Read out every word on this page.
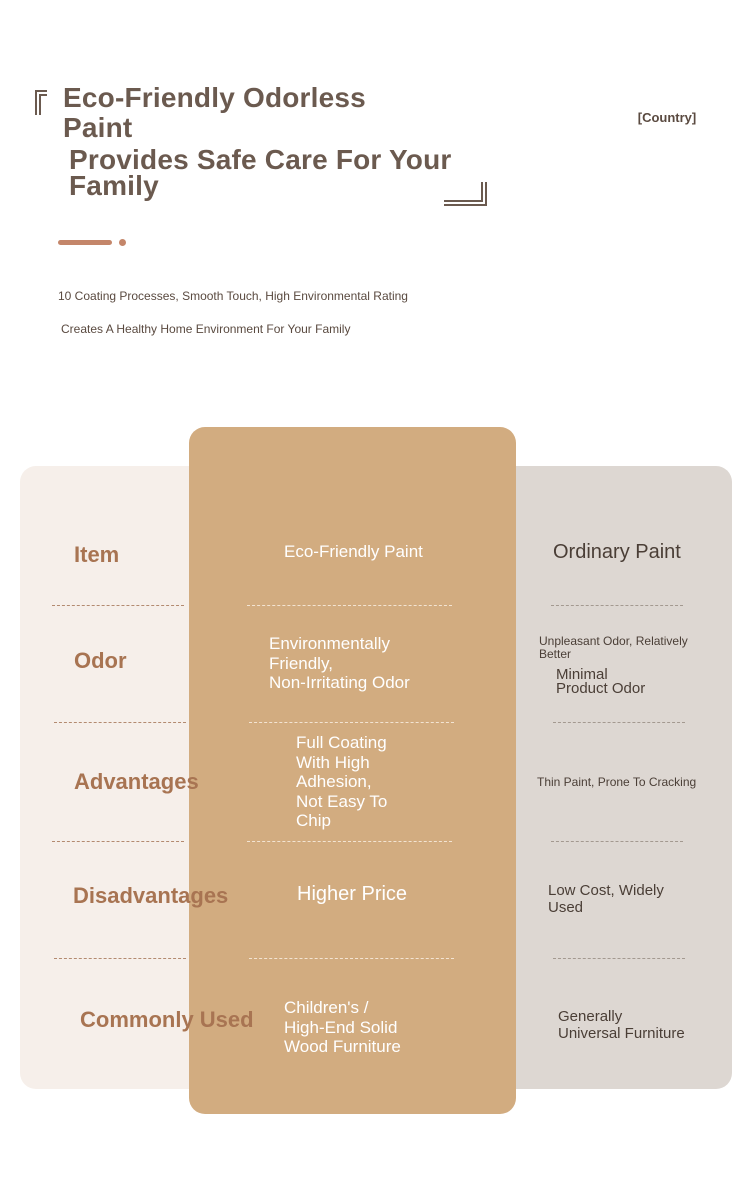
Eco-Friendly Odorless
Paint
Provides Safe Care For Your
Family
[Country]
10 Coating Processes, Smooth Touch, High Environmental Rating
Creates A Healthy Home Environment For Your Family
Item
Odor
Advantages
Disadvantages
Commonly Used
Eco-Friendly Paint
Environmentally
Friendly,
Non-Irritating Odor
Full Coating
With High
Adhesion,
Not Easy To
Chip
Higher Price
Children's /
High-End Solid
Wood Furniture
Ordinary Paint
Unpleasant Odor, Relatively
Better
Minimal
Product Odor
Thin Paint, Prone To Cracking
Low Cost, Widely
Used
Generally
Universal Furniture
